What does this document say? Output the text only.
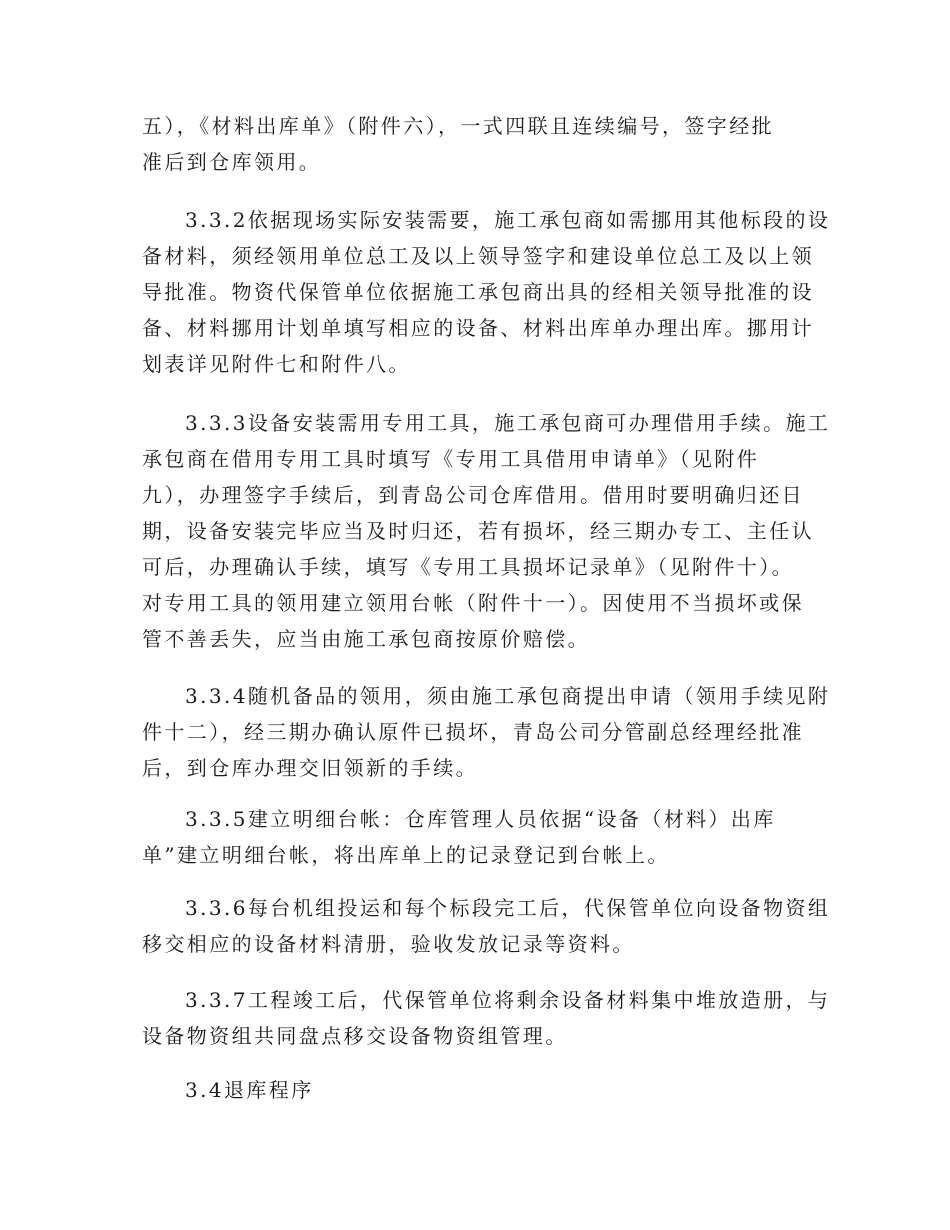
五），《材料出库单》（附件六），一式四联且连续编号，签字经批
准后到仓库领用。
3.3.2依据现场实际安装需要，施工承包商如需挪用其他标段的设
备材料，须经领用单位总工及以上领导签字和建设单位总工及以上领
导批准。物资代保管单位依据施工承包商出具的经相关领导批准的设
备、材料挪用计划单填写相应的设备、材料出库单办理出库。挪用计
划表详见附件七和附件八。
3.3.3设备安装需用专用工具，施工承包商可办理借用手续。施工
承包商在借用专用工具时填写《专用工具借用申请单》（见附件
九），办理签字手续后，到青岛公司仓库借用。借用时要明确归还日
期，设备安装完毕应当及时归还，若有损坏，经三期办专工、主任认
可后，办理确认手续，填写《专用工具损坏记录单》（见附件十）。
对专用工具的领用建立领用台帐（附件十一）。因使用不当损坏或保
管不善丢失，应当由施工承包商按原价赔偿。
3.3.4随机备品的领用，须由施工承包商提出申请（领用手续见附
件十二），经三期办确认原件已损坏，青岛公司分管副总经理经批准
后，到仓库办理交旧领新的手续。
3.3.5建立明细台帐：仓库管理人员依据“设备（材料）出库
单”建立明细台帐，将出库单上的记录登记到台帐上。
3.3.6每台机组投运和每个标段完工后，代保管单位向设备物资组
移交相应的设备材料清册，验收发放记录等资料。
3.3.7工程竣工后，代保管单位将剩余设备材料集中堆放造册，与
设备物资组共同盘点移交设备物资组管理。
3.4退库程序
